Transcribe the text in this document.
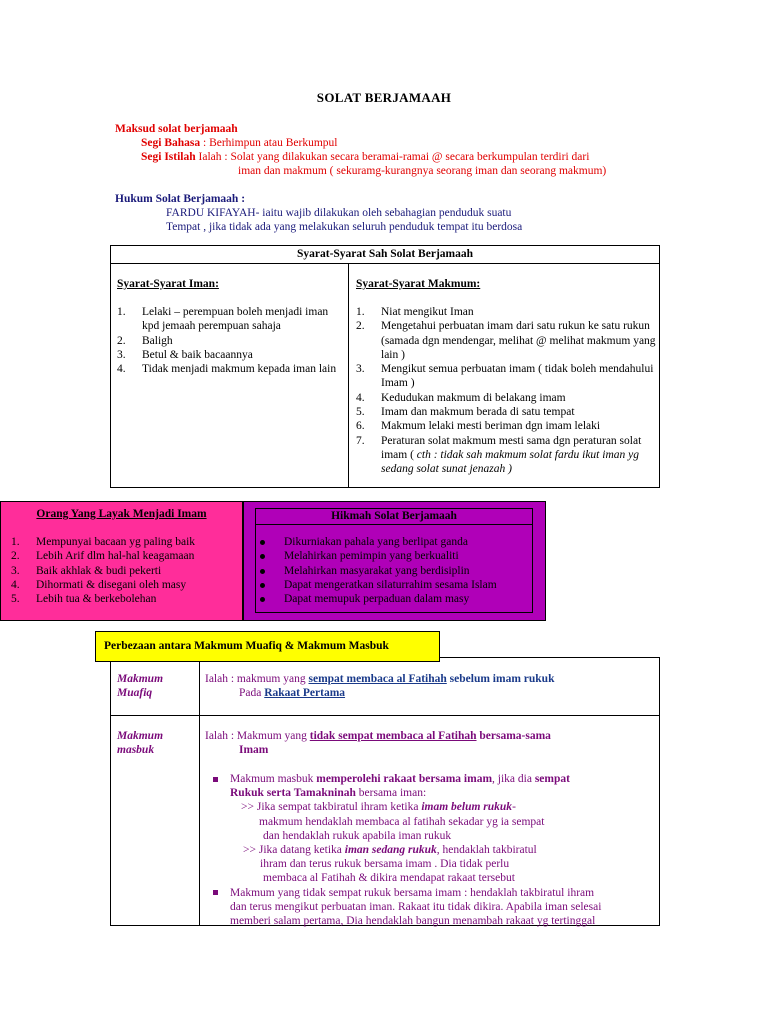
SOLAT BERJAMAAH
Maksud solat berjamaah
Segi Bahasa : Berhimpun atau Berkumpul
Segi Istilah Ialah : Solat yang dilakukan secara beramai-ramai @ secara berkumpulan terdiri dari
iman dan makmum ( sekuramg-kurangnya seorang iman dan seorang makmum)
Hukum Solat Berjamaah :
FARDU KIFAYAH- iaitu wajib dilakukan oleh sebahagian penduduk suatu
Tempat , jika tidak ada yang melakukan seluruh penduduk tempat itu berdosa
Syarat-Syarat Sah Solat Berjamaah
Syarat-Syarat Iman:
1. Lelaki – perempuan boleh menjadi iman kpd jemaah perempuan sahaja
2. Baligh
3. Betul & baik bacaannya
4. Tidak menjadi makmum kepada iman lain
Syarat-Syarat Makmum:
1. Niat mengikut Iman
2. Mengetahui perbuatan imam dari satu rukun ke satu rukun (samada dgn mendengar, melihat @ melihat makmum yang lain )
3. Mengikut semua perbuatan imam ( tidak boleh mendahului Imam )
4. Kedudukan makmum di belakang imam
5. Imam dan makmum berada di satu tempat
6. Makmum lelaki mesti beriman dgn imam lelaki
7. Peraturan solat makmum mesti sama dgn peraturan solat imam ( cth : tidak sah makmum solat fardu ikut iman yg sedang solat sunat jenazah )
Orang Yang Layak Menjadi Imam
1. Mempunyai bacaan yg paling baik
2. Lebih Arif dlm hal-hal keagamaan
3. Baik akhlak & budi pekerti
4. Dihormati & disegani oleh masy
5. Lebih tua & berkebolehan
Hikmah Solat Berjamaah
Dikurniakan pahala yang berlipat ganda
Melahirkan pemimpin yang berkualiti
Melahirkan masyarakat yang berdisiplin
Dapat mengeratkan silaturrahim sesama Islam
Dapat memupuk perpaduan dalam masy
Makmum
Muafiq
Ialah : makmum yang sempat membaca al Fatihah sebelum imam rukuk
Pada Rakaat Pertama
Makmum
masbuk
Ialah : Makmum yang tidak sempat membaca al Fatihah bersama-sama
Imam
Makmum masbuk memperolehi rakaat bersama imam, jika dia sempat
Rukuk serta Tamakninah bersama iman:
>> Jika sempat takbiratul ihram ketika imam belum rukuk-
makmum hendaklah membaca al fatihah sekadar yg ia sempat
dan hendaklah rukuk apabila iman rukuk
>> Jika datang ketika iman sedang rukuk, hendaklah takbiratul
ihram dan terus rukuk bersama imam . Dia tidak perlu
membaca al Fatihah & dikira mendapat rakaat tersebut
Makmum yang tidak sempat rukuk bersama imam : hendaklah takbiratul ihram
dan terus mengikut perbuatan iman. Rakaat itu tidak dikira. Apabila iman selesai
memberi salam pertama, Dia hendaklah bangun menambah rakaat yg tertinggal
Perbezaan antara Makmum Muafiq & Makmum Masbuk
